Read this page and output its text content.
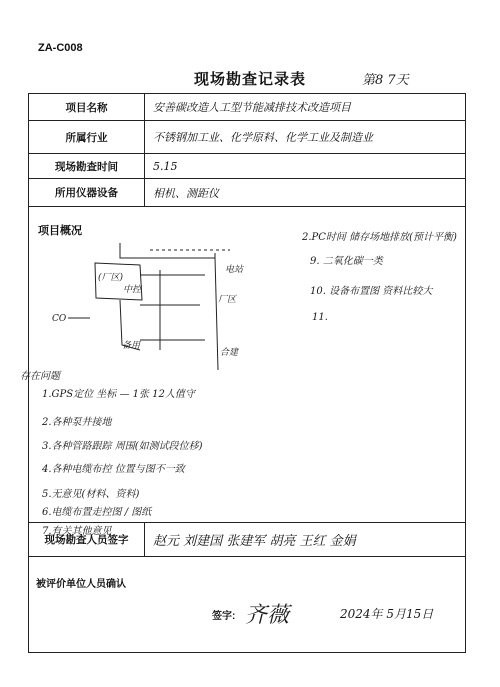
ZA-C008
现场勘查记录表	第8 7天
项目名称	安善碳改造人工型节能减排技术改造项目
所属行业	不锈钢加工业、化学原料、化学工业及制造业
现场勘查时间	5.15
所用仪器设备	相机、测距仪

现场勘查人员签字	赵元 刘建国 张建军 胡亮 王红 金娟

项目概况
(厂区)
中控
电站
厂区
备用
合建
CO
2.PC时间 储存场地排放(预计平衡)
9. 二氧化碳一类
10. 设备布置图 资料比较大
11.
存在问题
1.GPS定位 坐标 — 1张 12人值守
2.各种泵井接地
3.各种管路跟踪 周围(如测试段位移)
4.各种电缆布控 位置与图不一致
5.无意见(材料、资料)
6.电缆布置走控图 / 图纸
7.有关其他意见
被评价单位人员确认
签字: 齐薇	2024年 5月15日
